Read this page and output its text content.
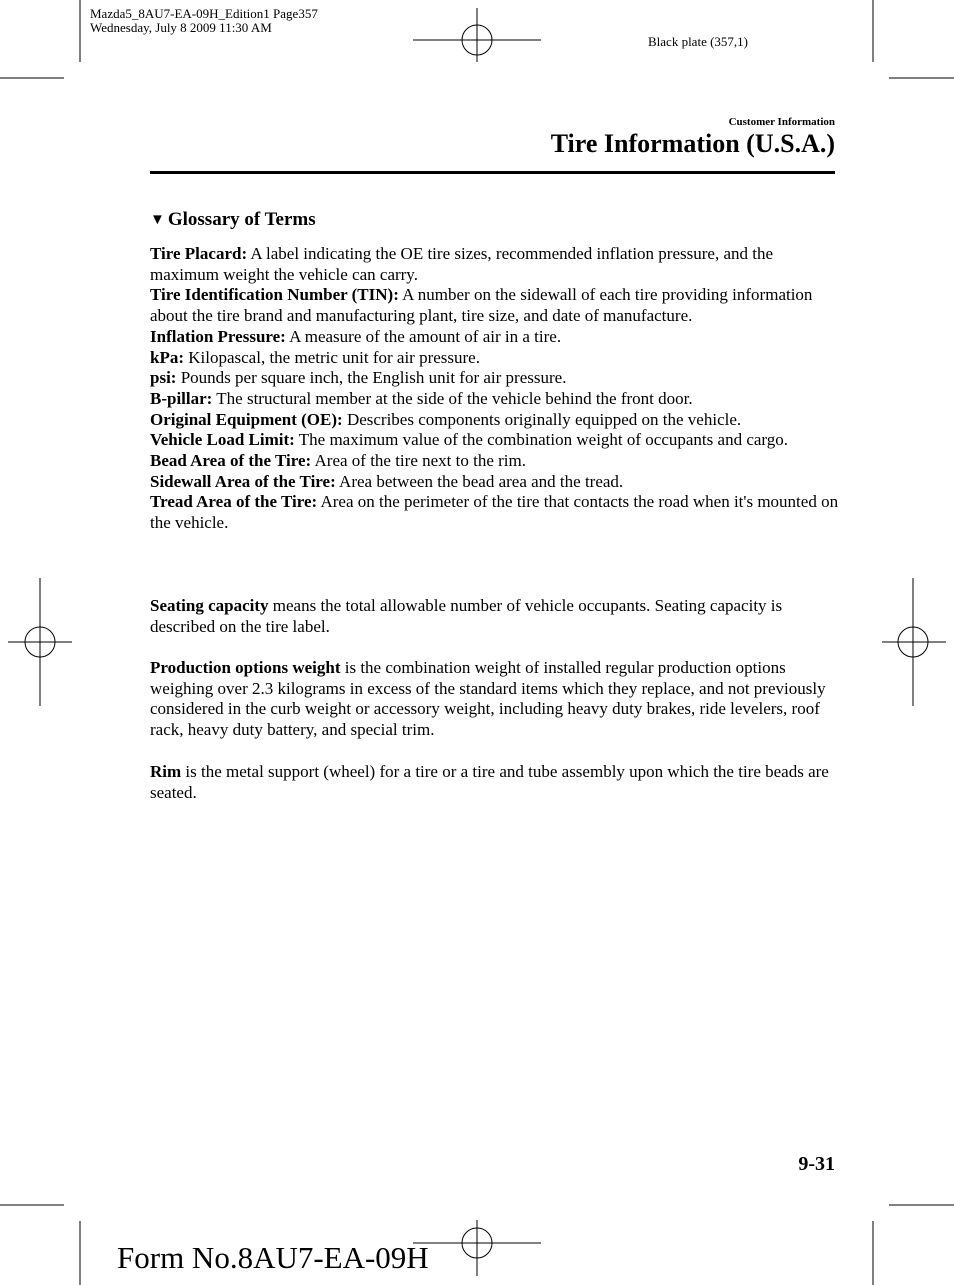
Mazda5_8AU7-EA-09H_Edition1 Page357
Wednesday, July 8 2009 11:30 AM
Black plate (357,1)
Customer Information
Tire Information (U.S.A.)
▼ Glossary of Terms

Tire Placard: A label indicating the OE tire sizes, recommended inflation pressure, and the maximum weight the vehicle can carry.

Tire Identification Number (TIN): A number on the sidewall of each tire providing information about the tire brand and manufacturing plant, tire size, and date of manufacture.

Inflation Pressure: A measure of the amount of air in a tire.

kPa: Kilopascal, the metric unit for air pressure.

psi: Pounds per square inch, the English unit for air pressure.

B-pillar: The structural member at the side of the vehicle behind the front door.

Original Equipment (OE): Describes components originally equipped on the vehicle.

Vehicle Load Limit: The maximum value of the combination weight of occupants and cargo.

Bead Area of the Tire: Area of the tire next to the rim.

Sidewall Area of the Tire: Area between the bead area and the tread.

Tread Area of the Tire: Area on the perimeter of the tire that contacts the road when it's mounted on the vehicle.

Seating capacity means the total allowable number of vehicle occupants. Seating capacity is described on the tire label.

Production options weight is the combination weight of installed regular production options weighing over 2.3 kilograms in excess of the standard items which they replace, and not previously considered in the curb weight or accessory weight, including heavy duty brakes, ride levelers, roof rack, heavy duty battery, and special trim.

Rim is the metal support (wheel) for a tire or a tire and tube assembly upon which the tire beads are seated.

9-31
Form No.8AU7-EA-09H
